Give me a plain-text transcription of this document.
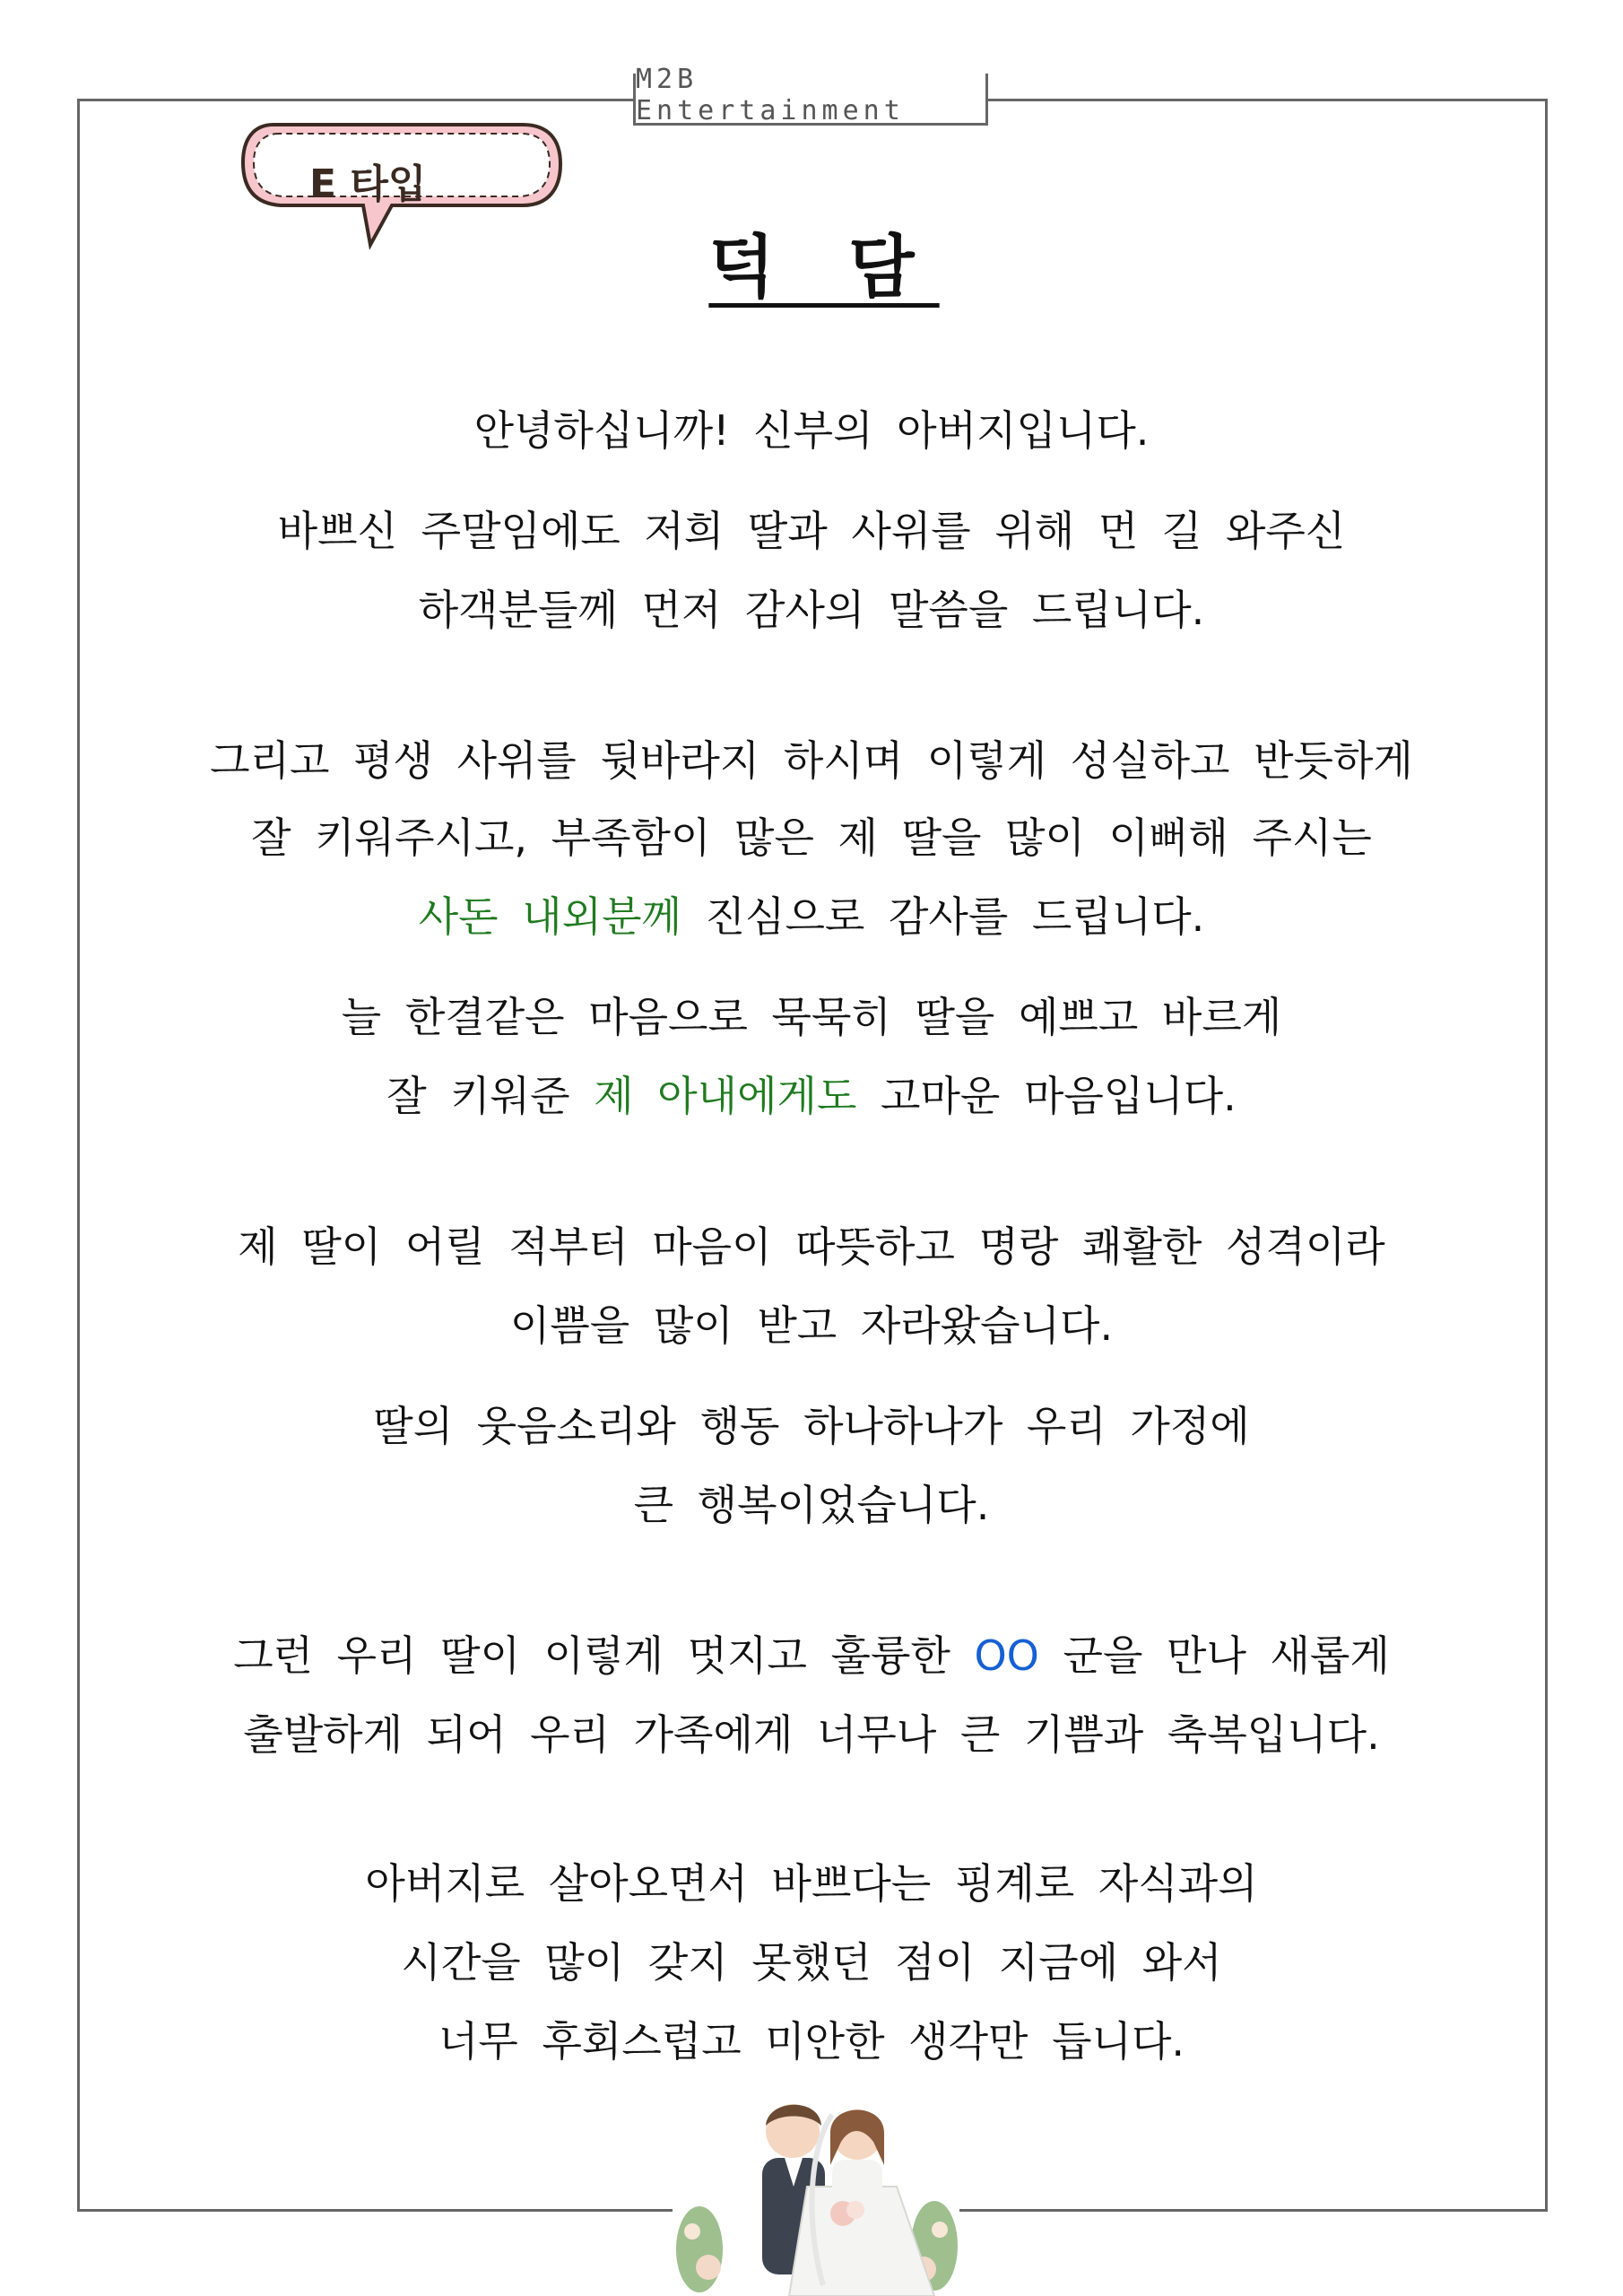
M2B Entertainment
E 타입
덕 담
안녕하십니까! 신부의 아버지입니다.
바쁘신 주말임에도 저희 딸과 사위를 위해 먼 길 와주신
하객분들께 먼저 감사의 말씀을 드립니다.
그리고 평생 사위를 뒷바라지 하시며 이렇게 성실하고 반듯하게
잘 키워주시고, 부족함이 많은 제 딸을 많이 이뻐해 주시는
사돈 내외분께 진심으로 감사를 드립니다.
늘 한결같은 마음으로 묵묵히 딸을 예쁘고 바르게
잘 키워준 제 아내에게도 고마운 마음입니다.
제 딸이 어릴 적부터 마음이 따뜻하고 명랑 쾌활한 성격이라
이쁨을 많이 받고 자라왔습니다.
딸의 웃음소리와 행동 하나하나가 우리 가정에
큰 행복이었습니다.
그런 우리 딸이 이렇게 멋지고 훌륭한 OO 군을 만나 새롭게
출발하게 되어 우리 가족에게 너무나 큰 기쁨과 축복입니다.
아버지로 살아오면서 바쁘다는 핑계로 자식과의
시간을 많이 갖지 못했던 점이 지금에 와서
너무 후회스럽고 미안한 생각만 듭니다.
